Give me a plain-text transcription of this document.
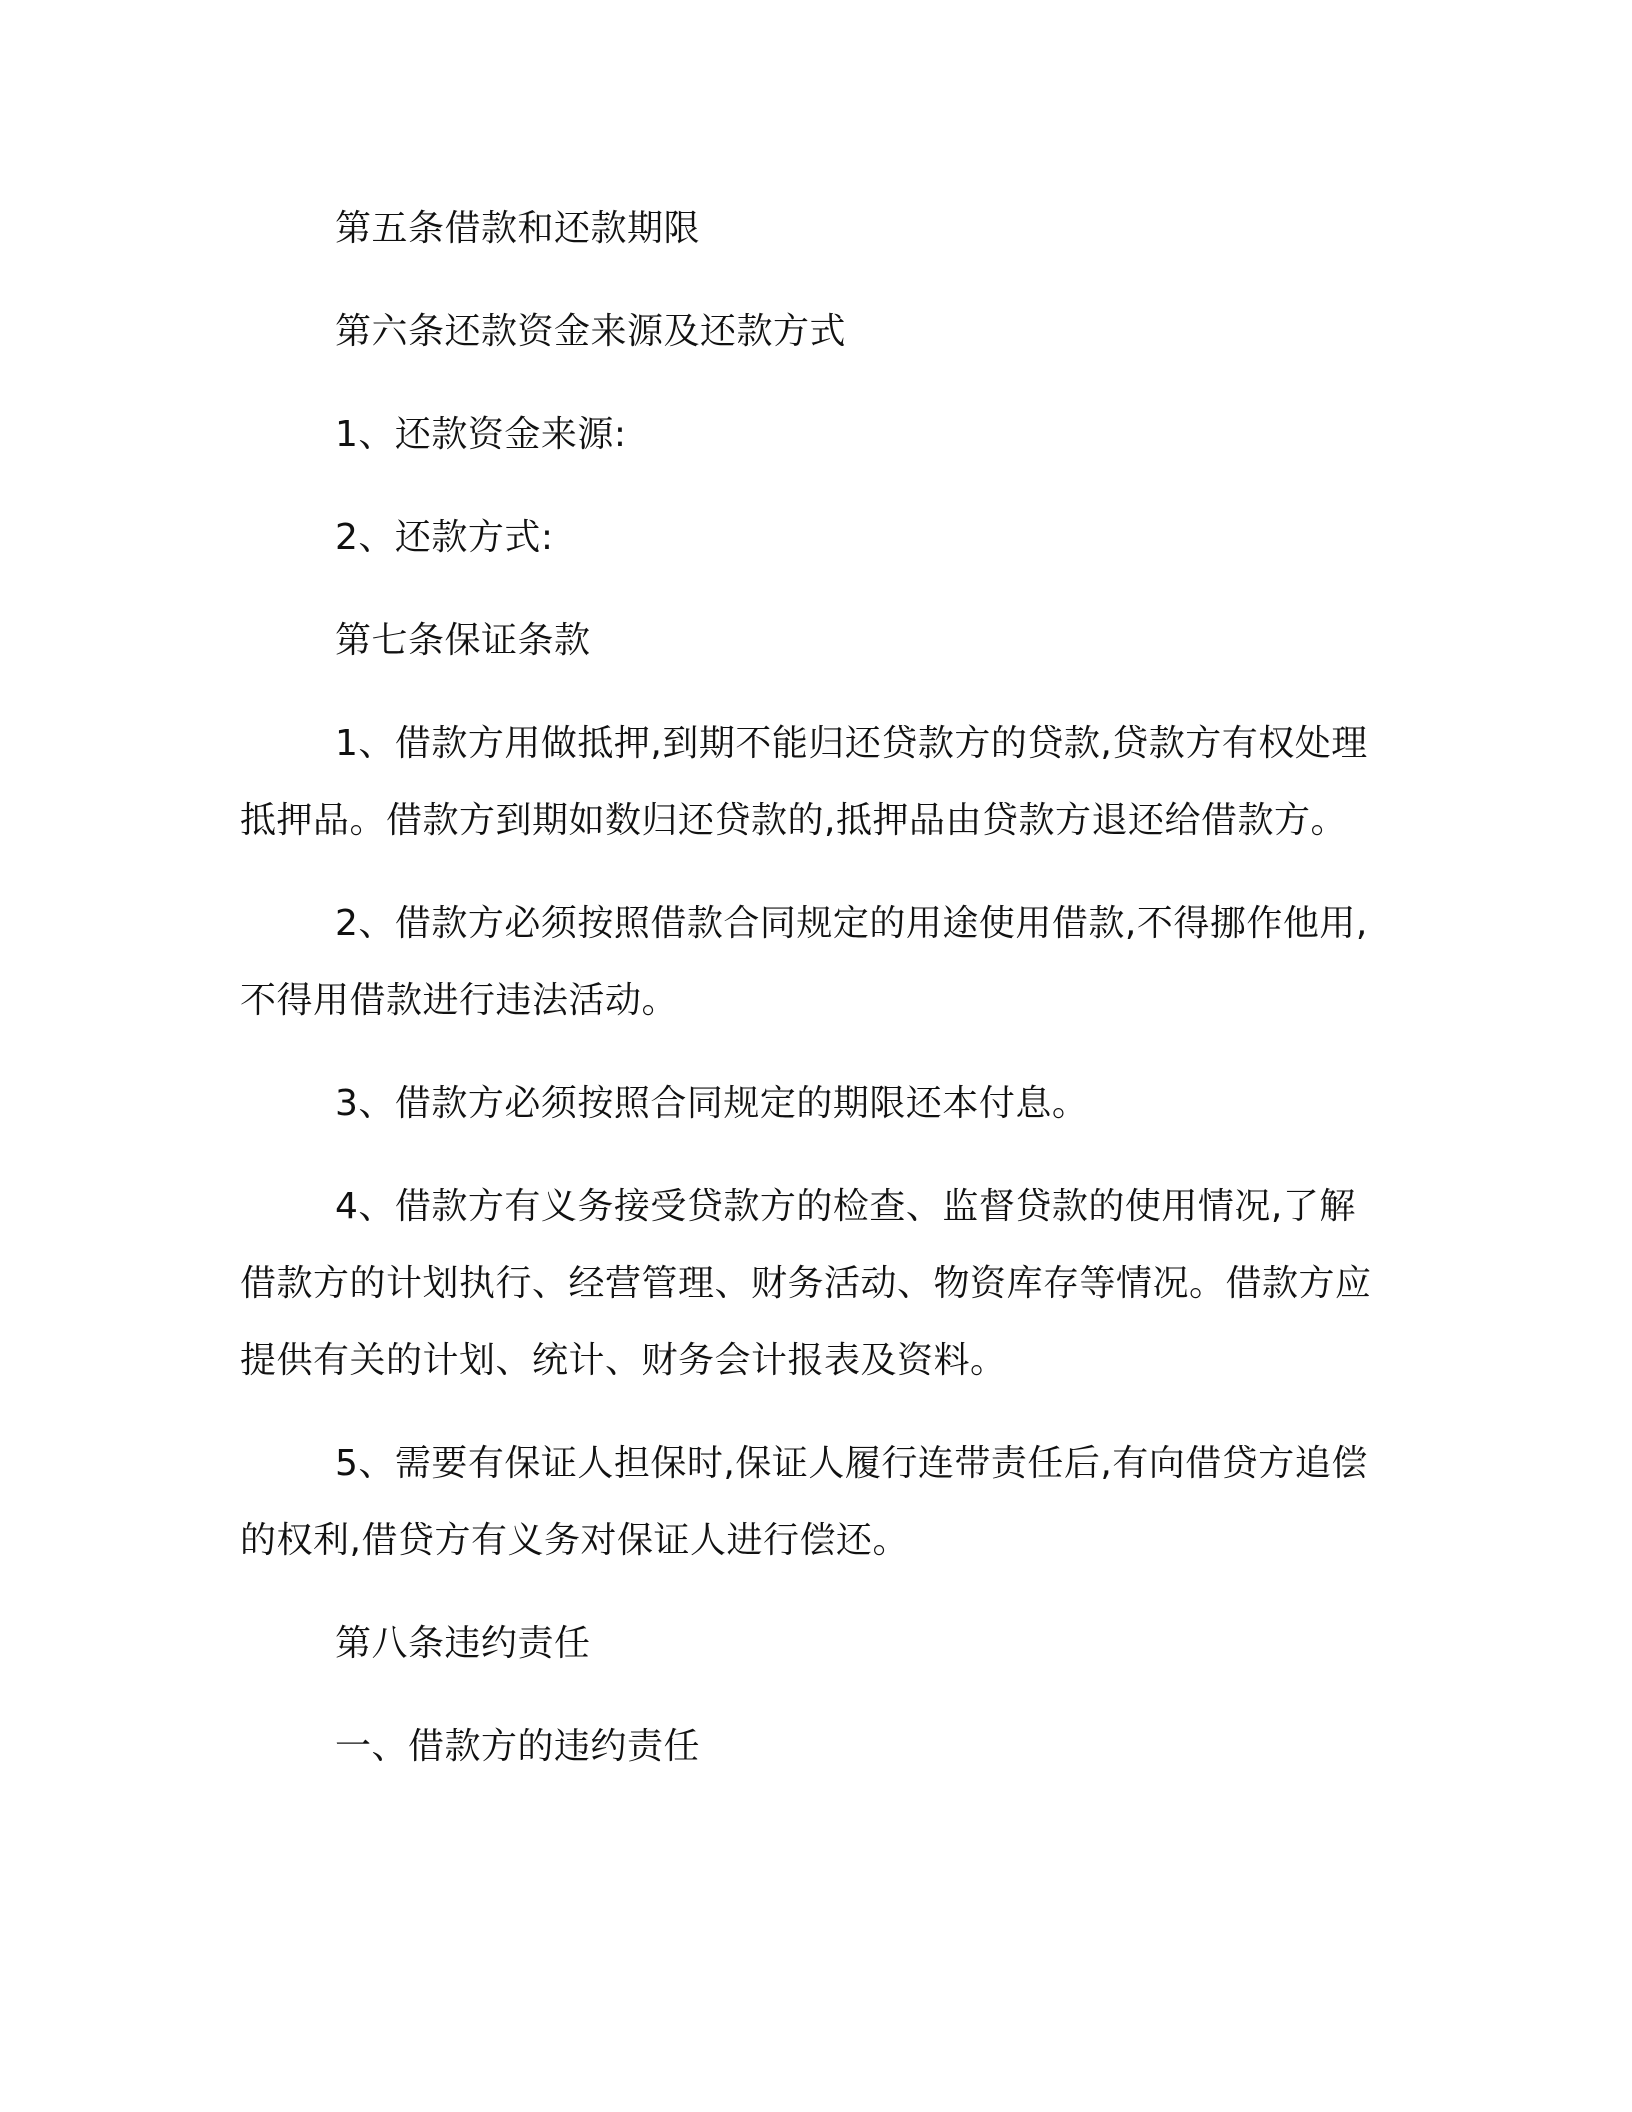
第五条借款和还款期限

第六条还款资金来源及还款方式

1、还款资金来源:

2、还款方式:

第七条保证条款

1、借款方用做抵押,到期不能归还贷款方的贷款,贷款方有权处理抵押品。借款方到期如数归还贷款的,抵押品由贷款方退还给借款方。

2、借款方必须按照借款合同规定的用途使用借款,不得挪作他用,不得用借款进行违法活动。

3、借款方必须按照合同规定的期限还本付息。

4、借款方有义务接受贷款方的检查、监督贷款的使用情况,了解借款方的计划执行、经营管理、财务活动、物资库存等情况。借款方应提供有关的计划、统计、财务会计报表及资料。

5、需要有保证人担保时,保证人履行连带责任后,有向借贷方追偿的权利,借贷方有义务对保证人进行偿还。

第八条违约责任

一、借款方的违约责任
